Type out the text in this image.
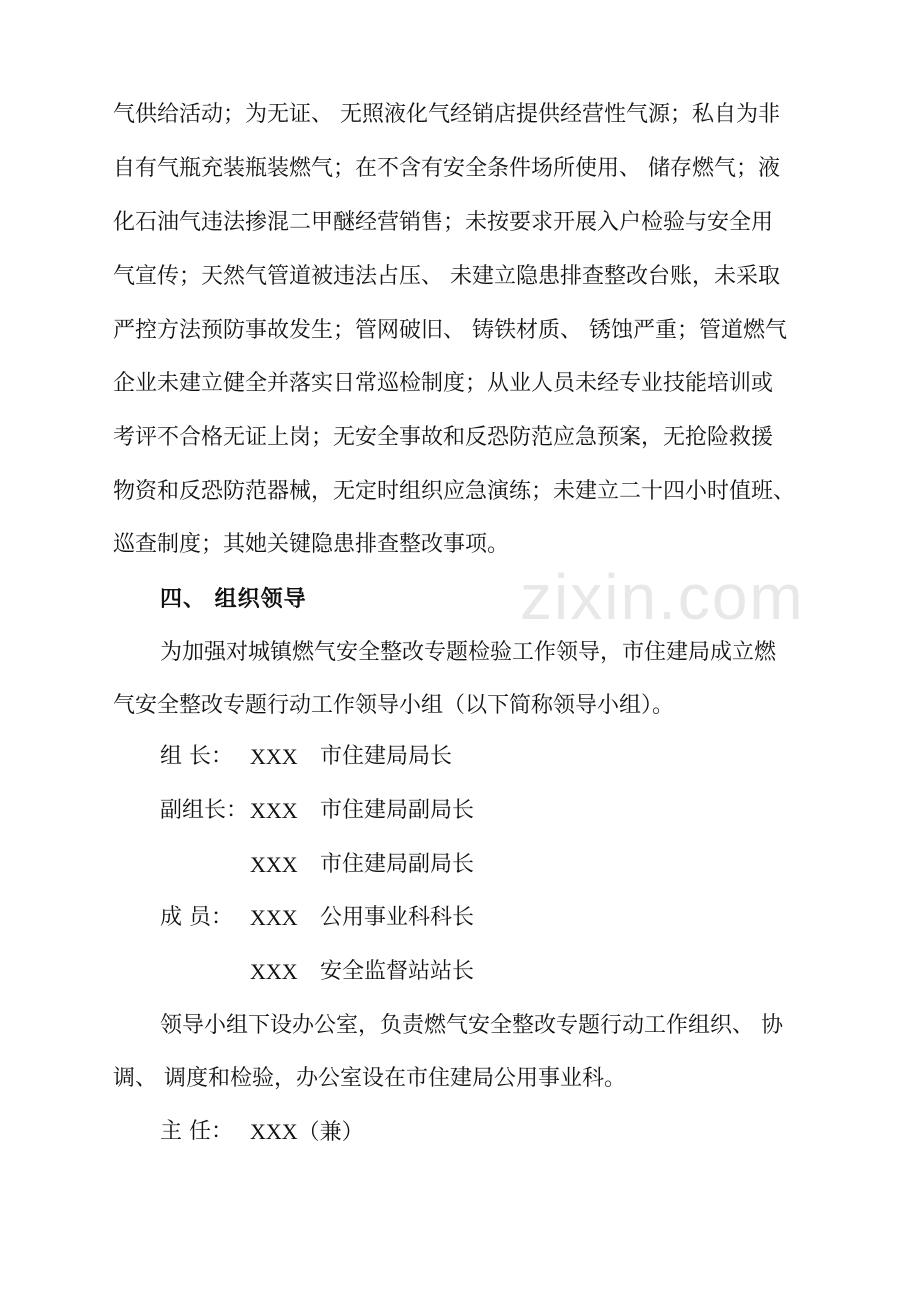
zixin.com
气供给活动；为无证、 无照液化气经销店提供经营性气源；私自为非
自有气瓶充装瓶装燃气；在不含有安全条件场所使用、 储存燃气；液
化石油气违法掺混二甲醚经营销售；未按要求开展入户检验与安全用
气宣传；天然气管道被违法占压、 未建立隐患排查整改台账，未采取
严控方法预防事故发生；管网破旧、 铸铁材质、 锈蚀严重；管道燃气
企业未建立健全并落实日常巡检制度；从业人员未经专业技能培训或
考评不合格无证上岗；无安全事故和反恐防范应急预案，无抢险救援
物资和反恐防范器械，无定时组织应急演练；未建立二十四小时值班、
巡查制度；其她关键隐患排查整改事项。
四、 组织领导
为加强对城镇燃气安全整改专题检验工作领导，市住建局成立燃
气安全整改专题行动工作领导小组（以下简称领导小组）。
组 长： XXX 市住建局局长
副组长： XXX 市住建局副局长
XXX 市住建局副局长
成 员： XXX 公用事业科科长
XXX 安全监督站站长
领导小组下设办公室，负责燃气安全整改专题行动工作组织、 协
调、 调度和检验，办公室设在市住建局公用事业科。
主 任： XXX（兼）
